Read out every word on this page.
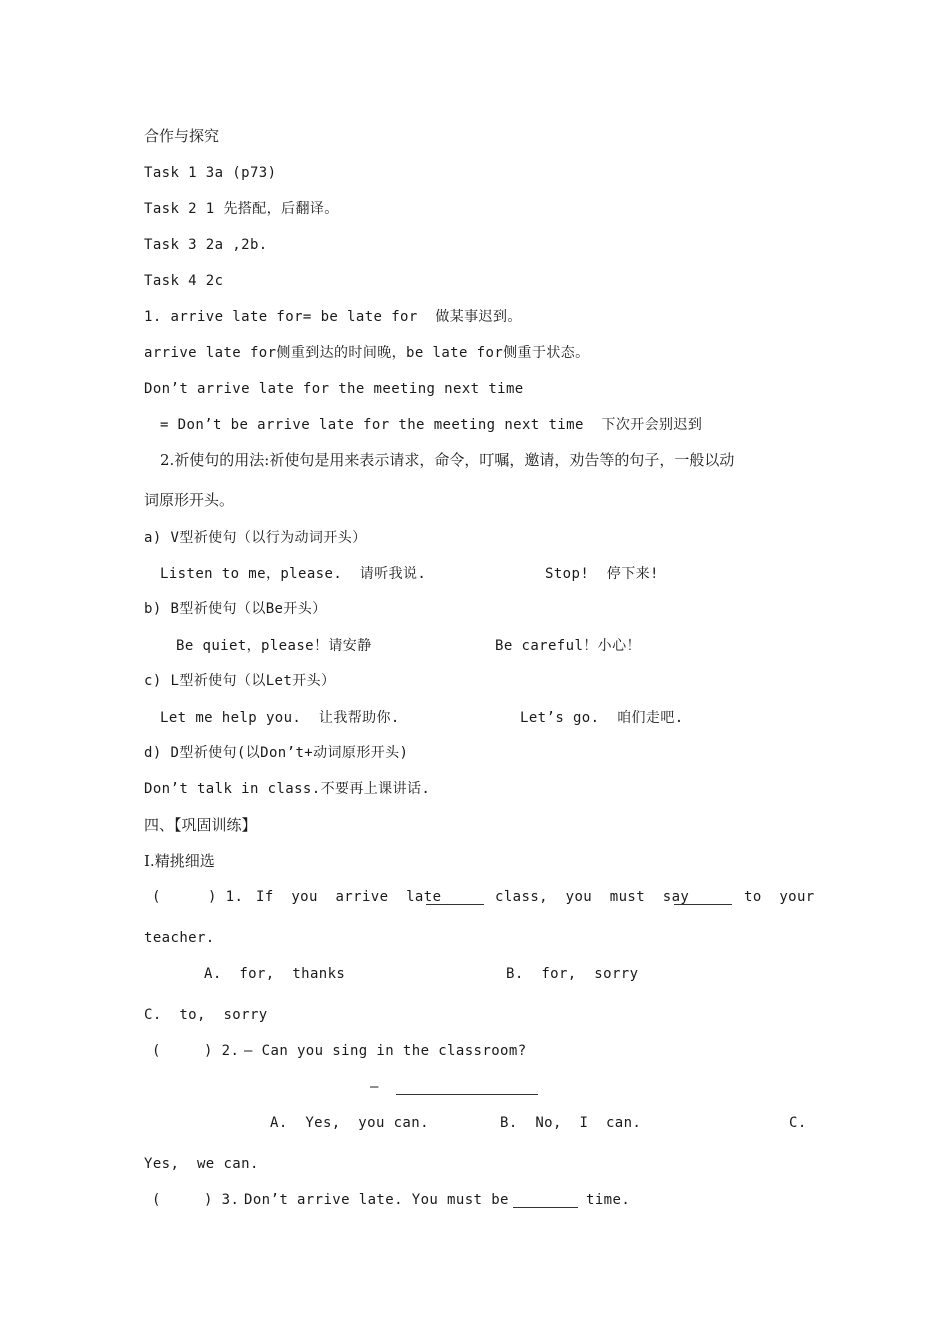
合作与探究
Task 1 3a (p73)
Task 2 1 先搭配，后翻译。
Task 3 2a ,2b.
Task 4 2c
1. arrive late for= be late for  做某事迟到。
arrive late for侧重到达的时间晚，be late for侧重于状态。
Don’t arrive late for the meeting next time
= Don’t be arrive late for the meeting next time  下次开会别迟到
2.祈使句的用法:祈使句是用来表示请求，命令，叮嘱，邀请，劝告等的句子，一般以动
词原形开头。
a) V型祈使句（以行为动词开头）
Listen to me，please.  请听我说.	Stop!  停下来!
b) B型祈使句（以Be开头）
Be quiet，please！请安静	Be careful！小心！
c) L型祈使句（以Let开头）
Let me help you.  让我帮助你.	Let’s go.  咱们走吧.
d) D型祈使句(以Don’t+动词原形开头)
Don’t talk in class.不要再上课讲话.
四、【巩固训练】
I.精挑细选
(	) 1. If  you  arrive  late	class,  you  must  say	to  your
teacher.
A.  for,  thanks	B.  for,  sorry
C.  to,  sorry
(	) 2. — Can you sing in the classroom?
—
A.  Yes,  you can.	B.  No,  I  can.	C.
Yes,  we can.
(	) 3. Don’t arrive late. You must be	time.
